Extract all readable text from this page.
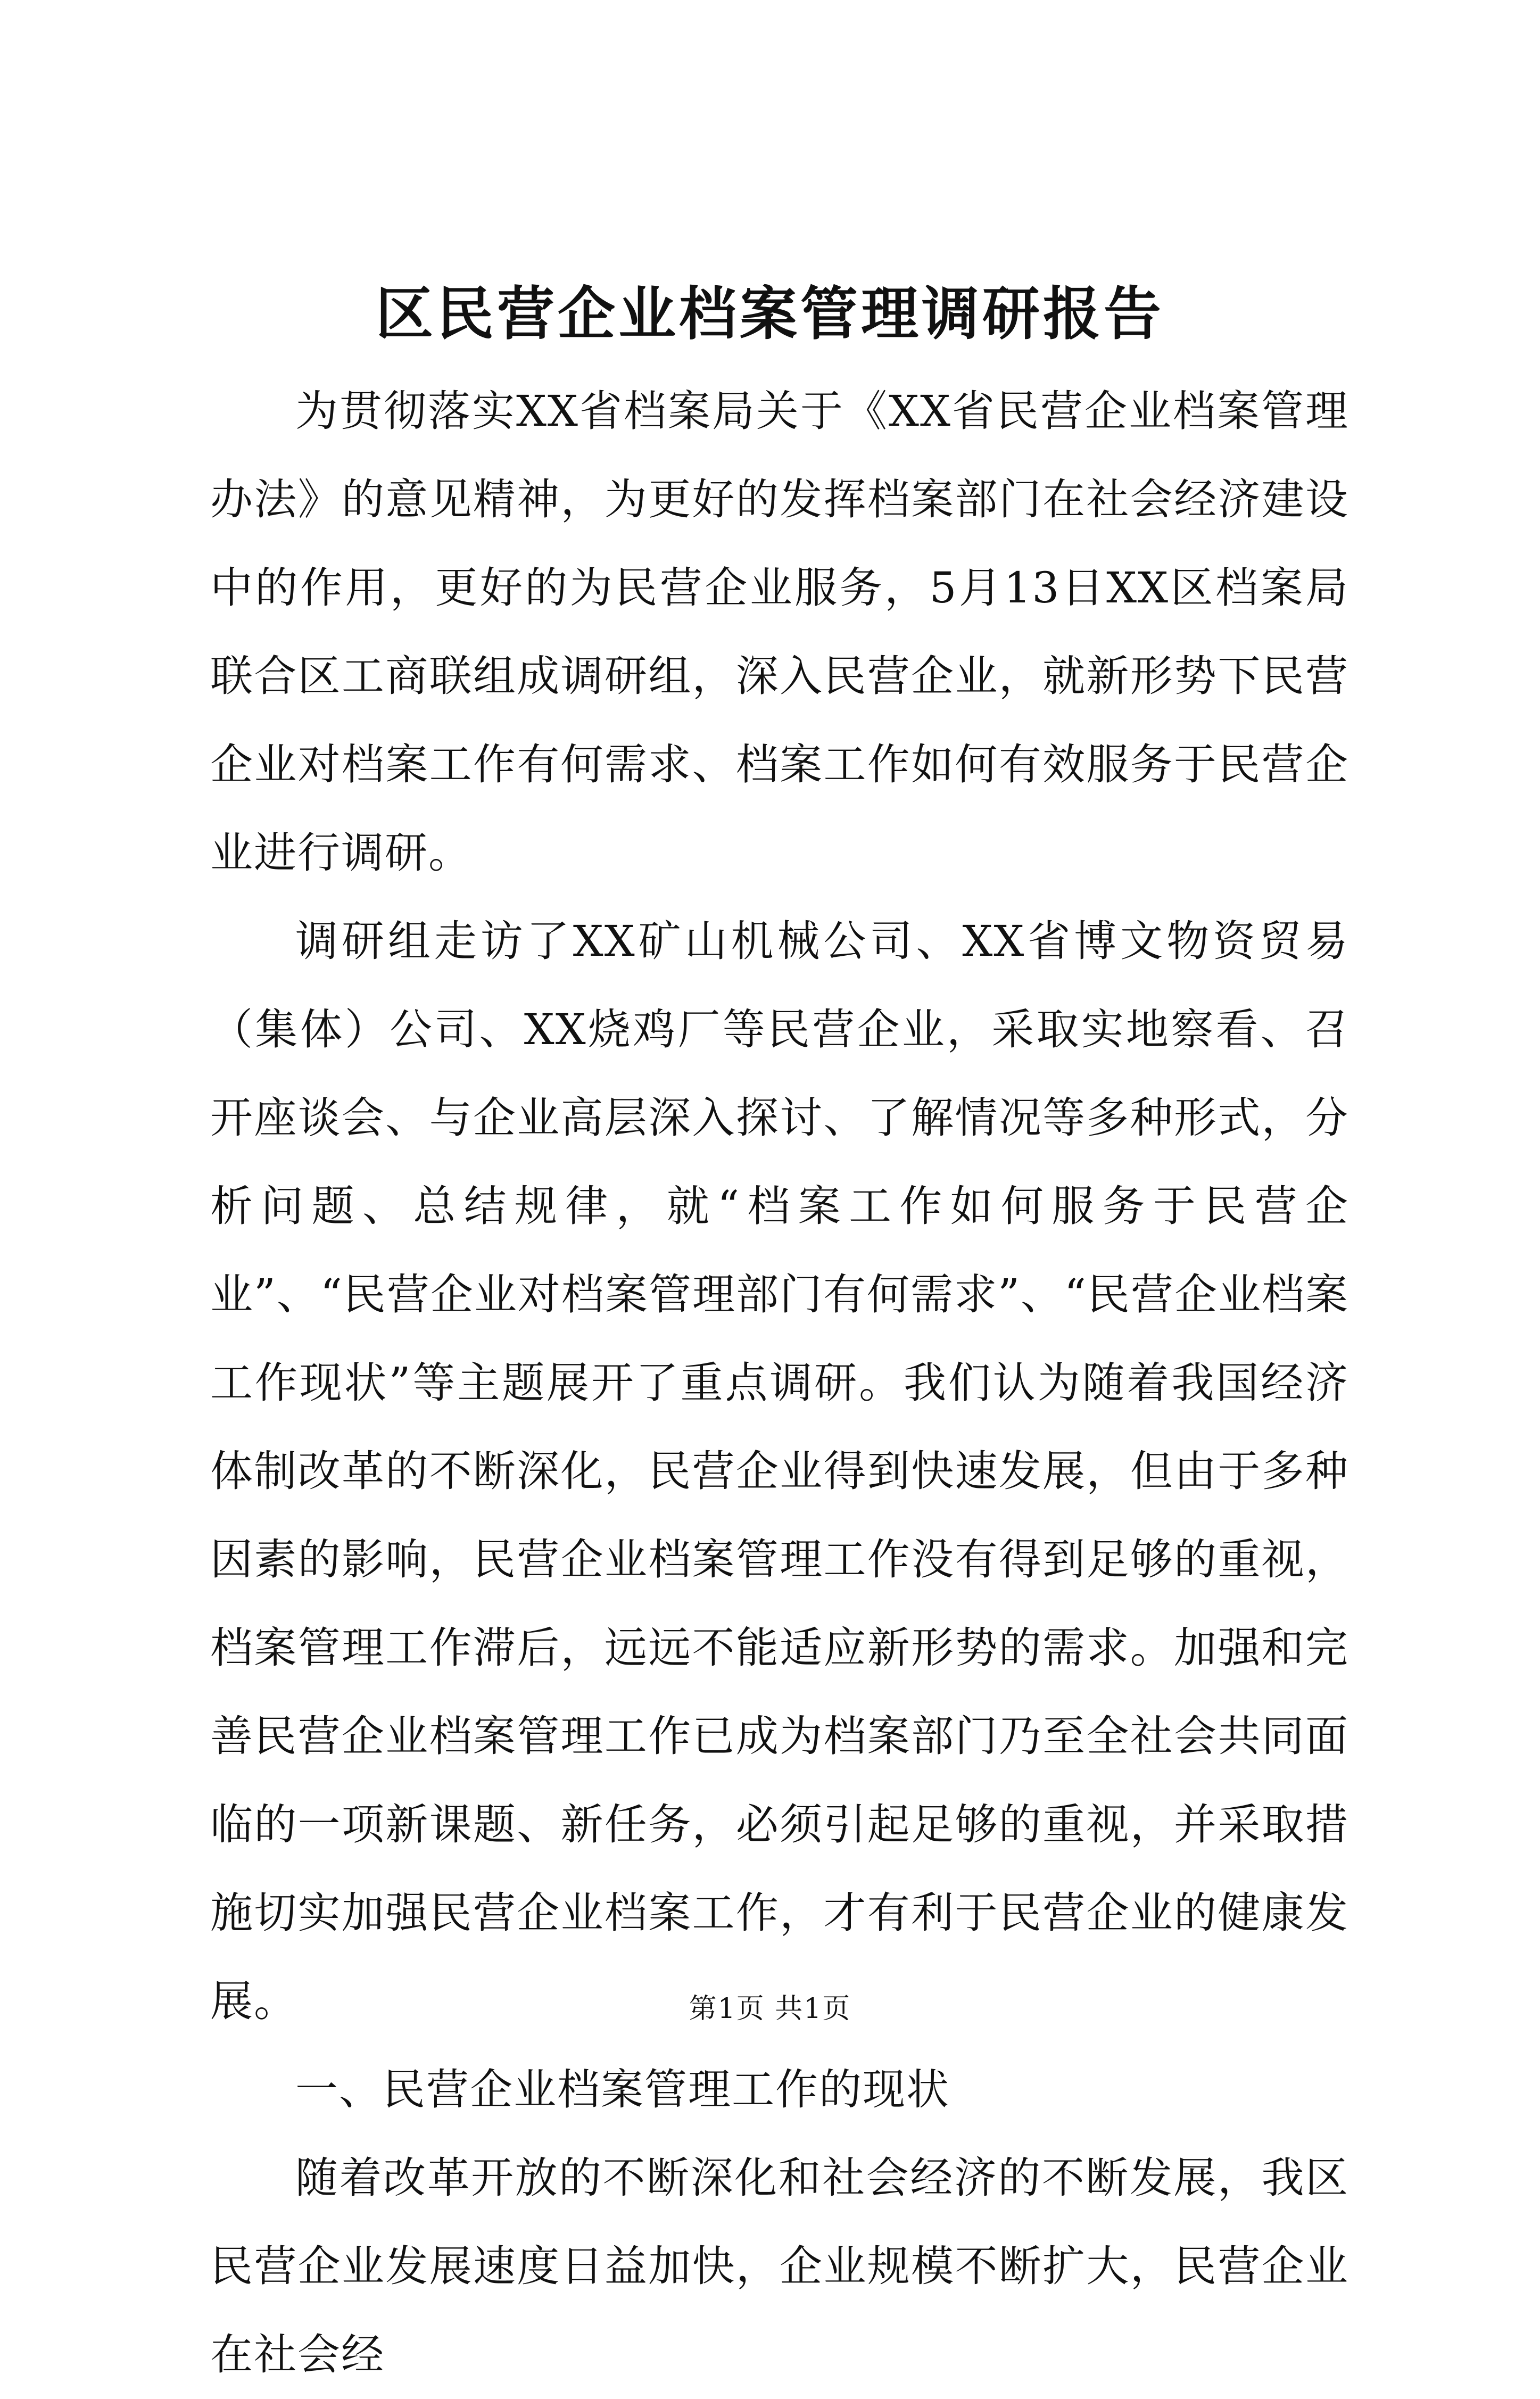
区民营企业档案管理调研报告

为贯彻落实XX省档案局关于《XX省民营企业档案管理办法》的意见精神，为更好的发挥档案部门在社会经济建设中的作用，更好的为民营企业服务，5月13日XX区档案局联合区工商联组成调研组，深入民营企业，就新形势下民营企业对档案工作有何需求、档案工作如何有效服务于民营企业进行调研。

调研组走访了XX矿山机械公司、XX省博文物资贸易（集体）公司、XX烧鸡厂等民营企业，采取实地察看、召开座谈会、与企业高层深入探讨、了解情况等多种形式，分析问题、总结规律，就“档案工作如何服务于民营企业”、“民营企业对档案管理部门有何需求”、“民营企业档案工作现状”等主题展开了重点调研。我们认为随着我国经济体制改革的不断深化，民营企业得到快速发展，但由于多种因素的影响，民营企业档案管理工作没有得到足够的重视，档案管理工作滞后，远远不能适应新形势的需求。加强和完善民营企业档案管理工作已成为档案部门乃至全社会共同面临的一项新课题、新任务，必须引起足够的重视，并采取措施切实加强民营企业档案工作，才有利于民营企业的健康发展。

一、民营企业档案管理工作的现状

随着改革开放的不断深化和社会经济的不断发展，我区民营企业发展速度日益加快，企业规模不断扩大，民营企业在社会经

第1页 共1页
